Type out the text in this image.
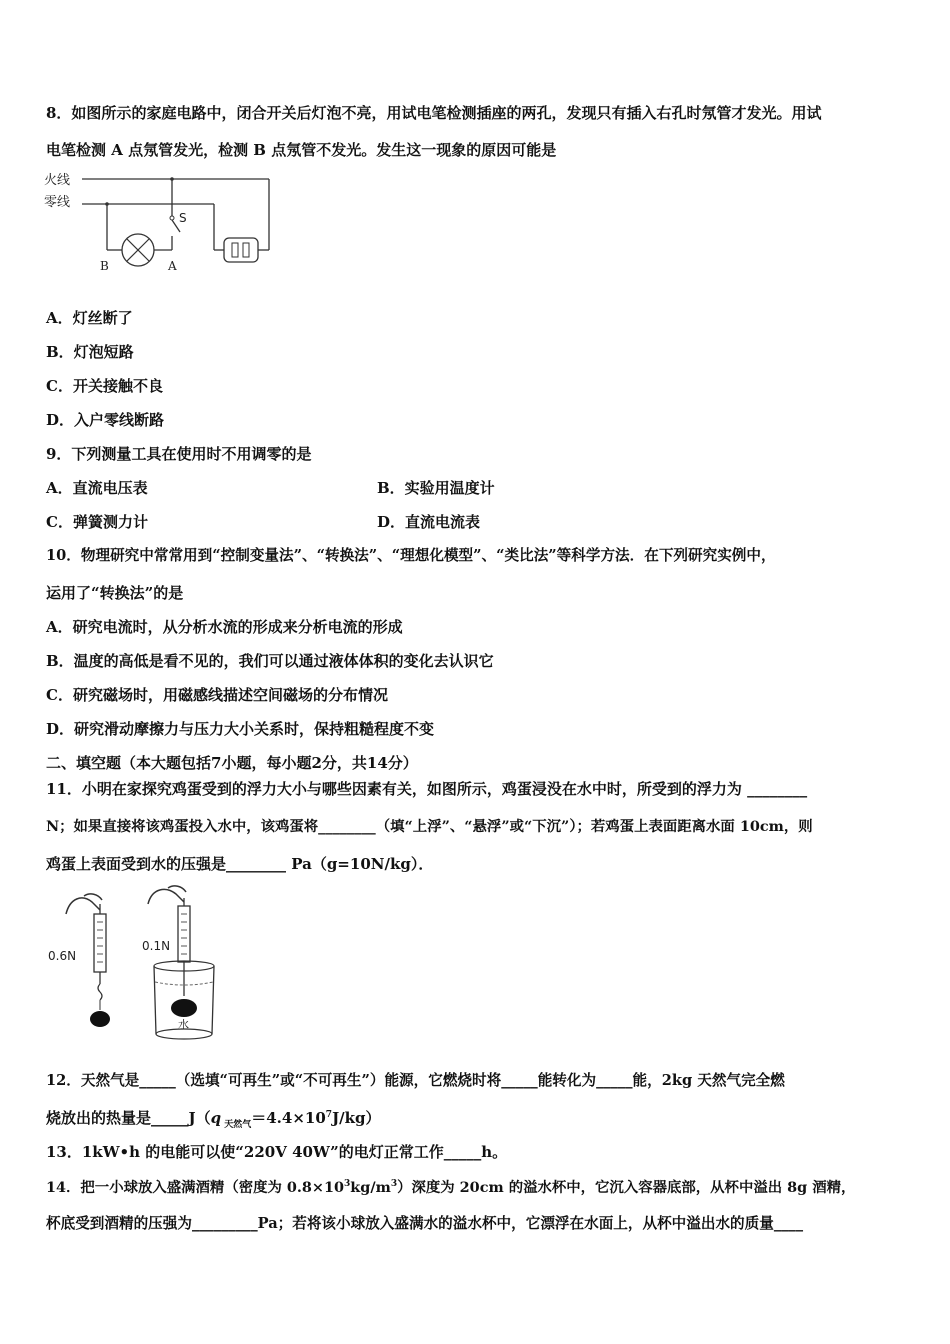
8．如图所示的家庭电路中，闭合开关后灯泡不亮，用试电笔检测插座的两孔，发现只有插入右孔时氖管才发光。用试
电笔检测 A 点氖管发光，检测 B 点氖管不发光。发生这一现象的原因可能是
火线
零线
S
B	A
A．灯丝断了
B．灯泡短路
C．开关接触不良
D．入户零线断路
9．下列测量工具在使用时不用调零的是
A．直流电压表	B．实验用温度计
C．弹簧测力计	D．直流电流表
10．物理研究中常常用到“控制变量法”、“转换法”、“理想化模型”、“类比法”等科学方法．在下列研究实例中，
运用了“转换法”的是
A．研究电流时，从分析水流的形成来分析电流的形成
B．温度的高低是看不见的，我们可以通过液体体积的变化去认识它
C．研究磁场时，用磁感线描述空间磁场的分布情况
D．研究滑动摩擦力与压力大小关系时，保持粗糙程度不变
二、填空题（本大题包括7小题，每小题2分，共14分）
11．小明在家探究鸡蛋受到的浮力大小与哪些因素有关，如图所示，鸡蛋浸没在水中时，所受到的浮力为 ________
N；如果直接将该鸡蛋投入水中，该鸡蛋将________（填“上浮”、“悬浮”或“下沉”）；若鸡蛋上表面距离水面 10cm，则
鸡蛋上表面受到水的压强是________ Pa（g=10N/kg）．
0.6N
0.1N
水
12．天然气是_____（选填“可再生”或“不可再生”）能源，它燃烧时将_____能转化为_____能，2kg 天然气完全燃
烧放出的热量是_____J（q $_{天然气}=4.4\times 10^7J/kg$）
13．1kW•h 的电能可以使“220V 40W”的电灯正常工作_____h。
14．把一小球放入盛满酒精（密度为 $0.8\times 10^3kg/m^3$）深度为 20cm 的溢水杯中，它沉入容器底部，从杯中溢出 8g 酒精，
杯底受到酒精的压强为_________Pa；若将该小球放入盛满水的溢水杯中，它漂浮在水面上，从杯中溢出水的质量____
